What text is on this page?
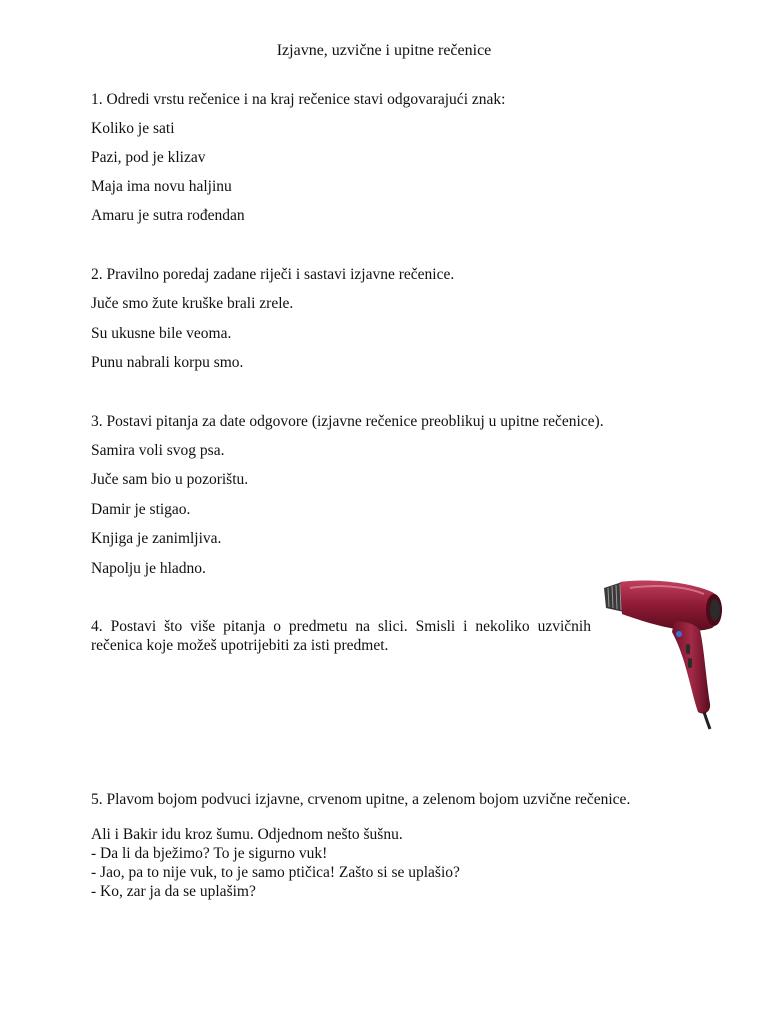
Izjavne, uzvične i upitne rečenice
1. Odredi vrstu rečenice i na kraj rečenice stavi odgovarajući znak:
Koliko je sati
Pazi, pod je klizav
Maja ima novu haljinu
Amaru je sutra rođendan
2. Pravilno poredaj zadane riječi i sastavi izjavne rečenice.
Juče smo žute kruške brali zrele.
Su ukusne bile veoma.
Punu nabrali korpu smo.
3. Postavi pitanja za date odgovore (izjavne rečenice preoblikuj u upitne rečenice).
Samira voli svog psa.
Juče sam bio u pozorištu.
Damir je stigao.
Knjiga je zanimljiva.
Napolju je hladno.
4. Postavi što više pitanja o predmetu na slici. Smisli i nekoliko uzvičnih rečenica koje možeš upotrijebiti za isti predmet.
5. Plavom bojom podvuci izjavne, crvenom upitne, a zelenom bojom uzvične rečenice.
Ali i Bakir idu kroz šumu. Odjednom nešto šušnu.
- Da li da bježimo? To je sigurno vuk!
- Jao, pa to nije vuk, to je samo ptičica! Zašto si se uplašio?
- Ko, zar ja da se uplašim?
